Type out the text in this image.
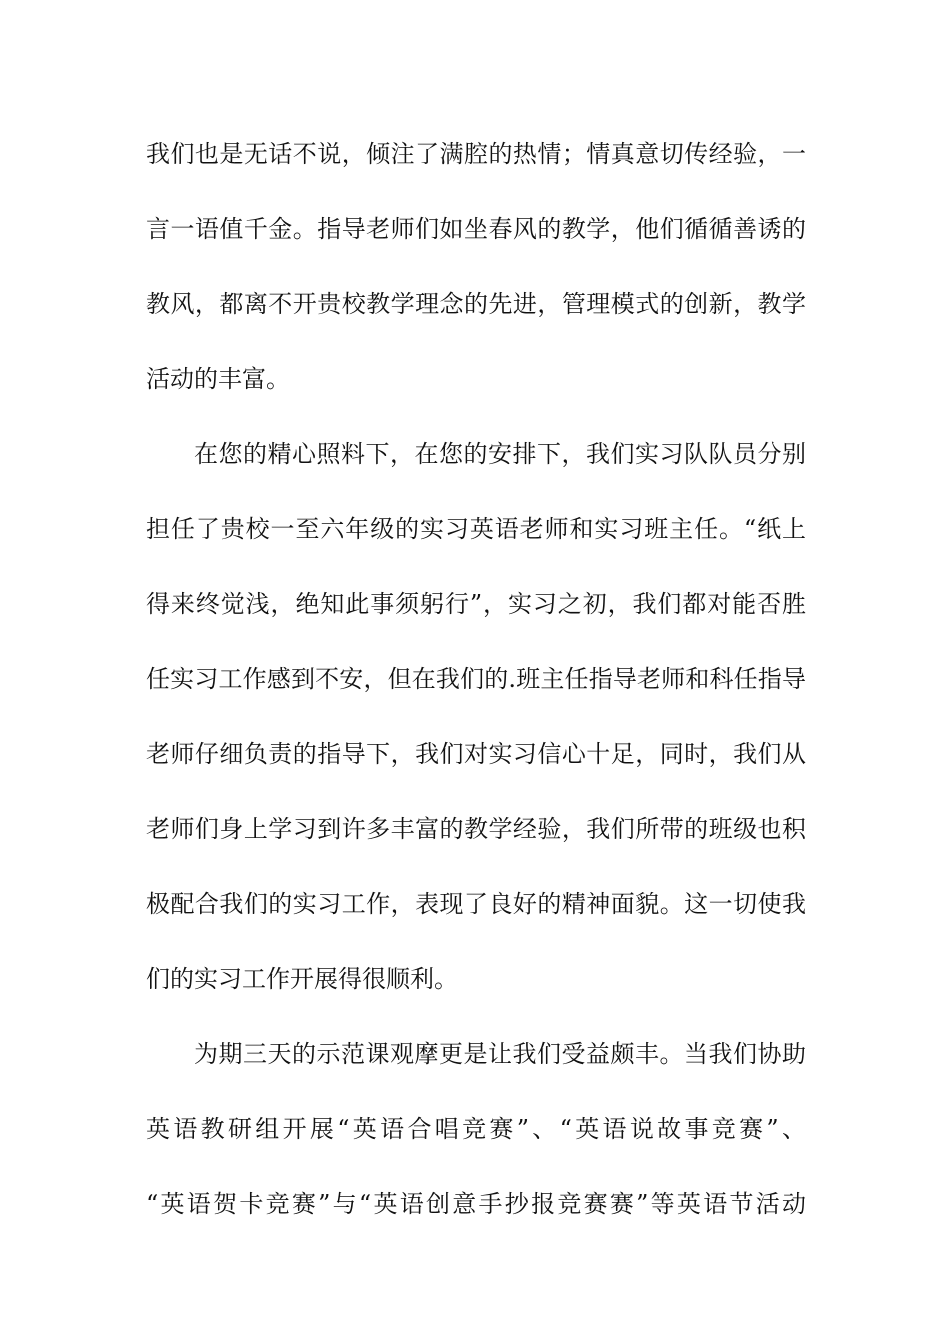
我们也是无话不说，倾注了满腔的热情；情真意切传经验，一
言一语值千金。指导老师们如坐春风的教学，他们循循善诱的
教风，都离不开贵校教学理念的先进，管理模式的创新，教学
活动的丰富。
在您的精心照料下，在您的安排下，我们实习队队员分别
担任了贵校一至六年级的实习英语老师和实习班主任。“纸上
得来终觉浅，绝知此事须躬行”，实习之初，我们都对能否胜
任实习工作感到不安，但在我们的.班主任指导老师和科任指导
老师仔细负责的指导下，我们对实习信心十足，同时，我们从
老师们身上学习到许多丰富的教学经验，我们所带的班级也积
极配合我们的实习工作，表现了良好的精神面貌。这一切使我
们的实习工作开展得很顺利。
为期三天的示范课观摩更是让我们受益颇丰。当我们协助
英语教研组开展“英语合唱竞赛”、“英语说故事竞赛”、
“英语贺卡竞赛”与“英语创意手抄报竞赛赛”等英语节活动
